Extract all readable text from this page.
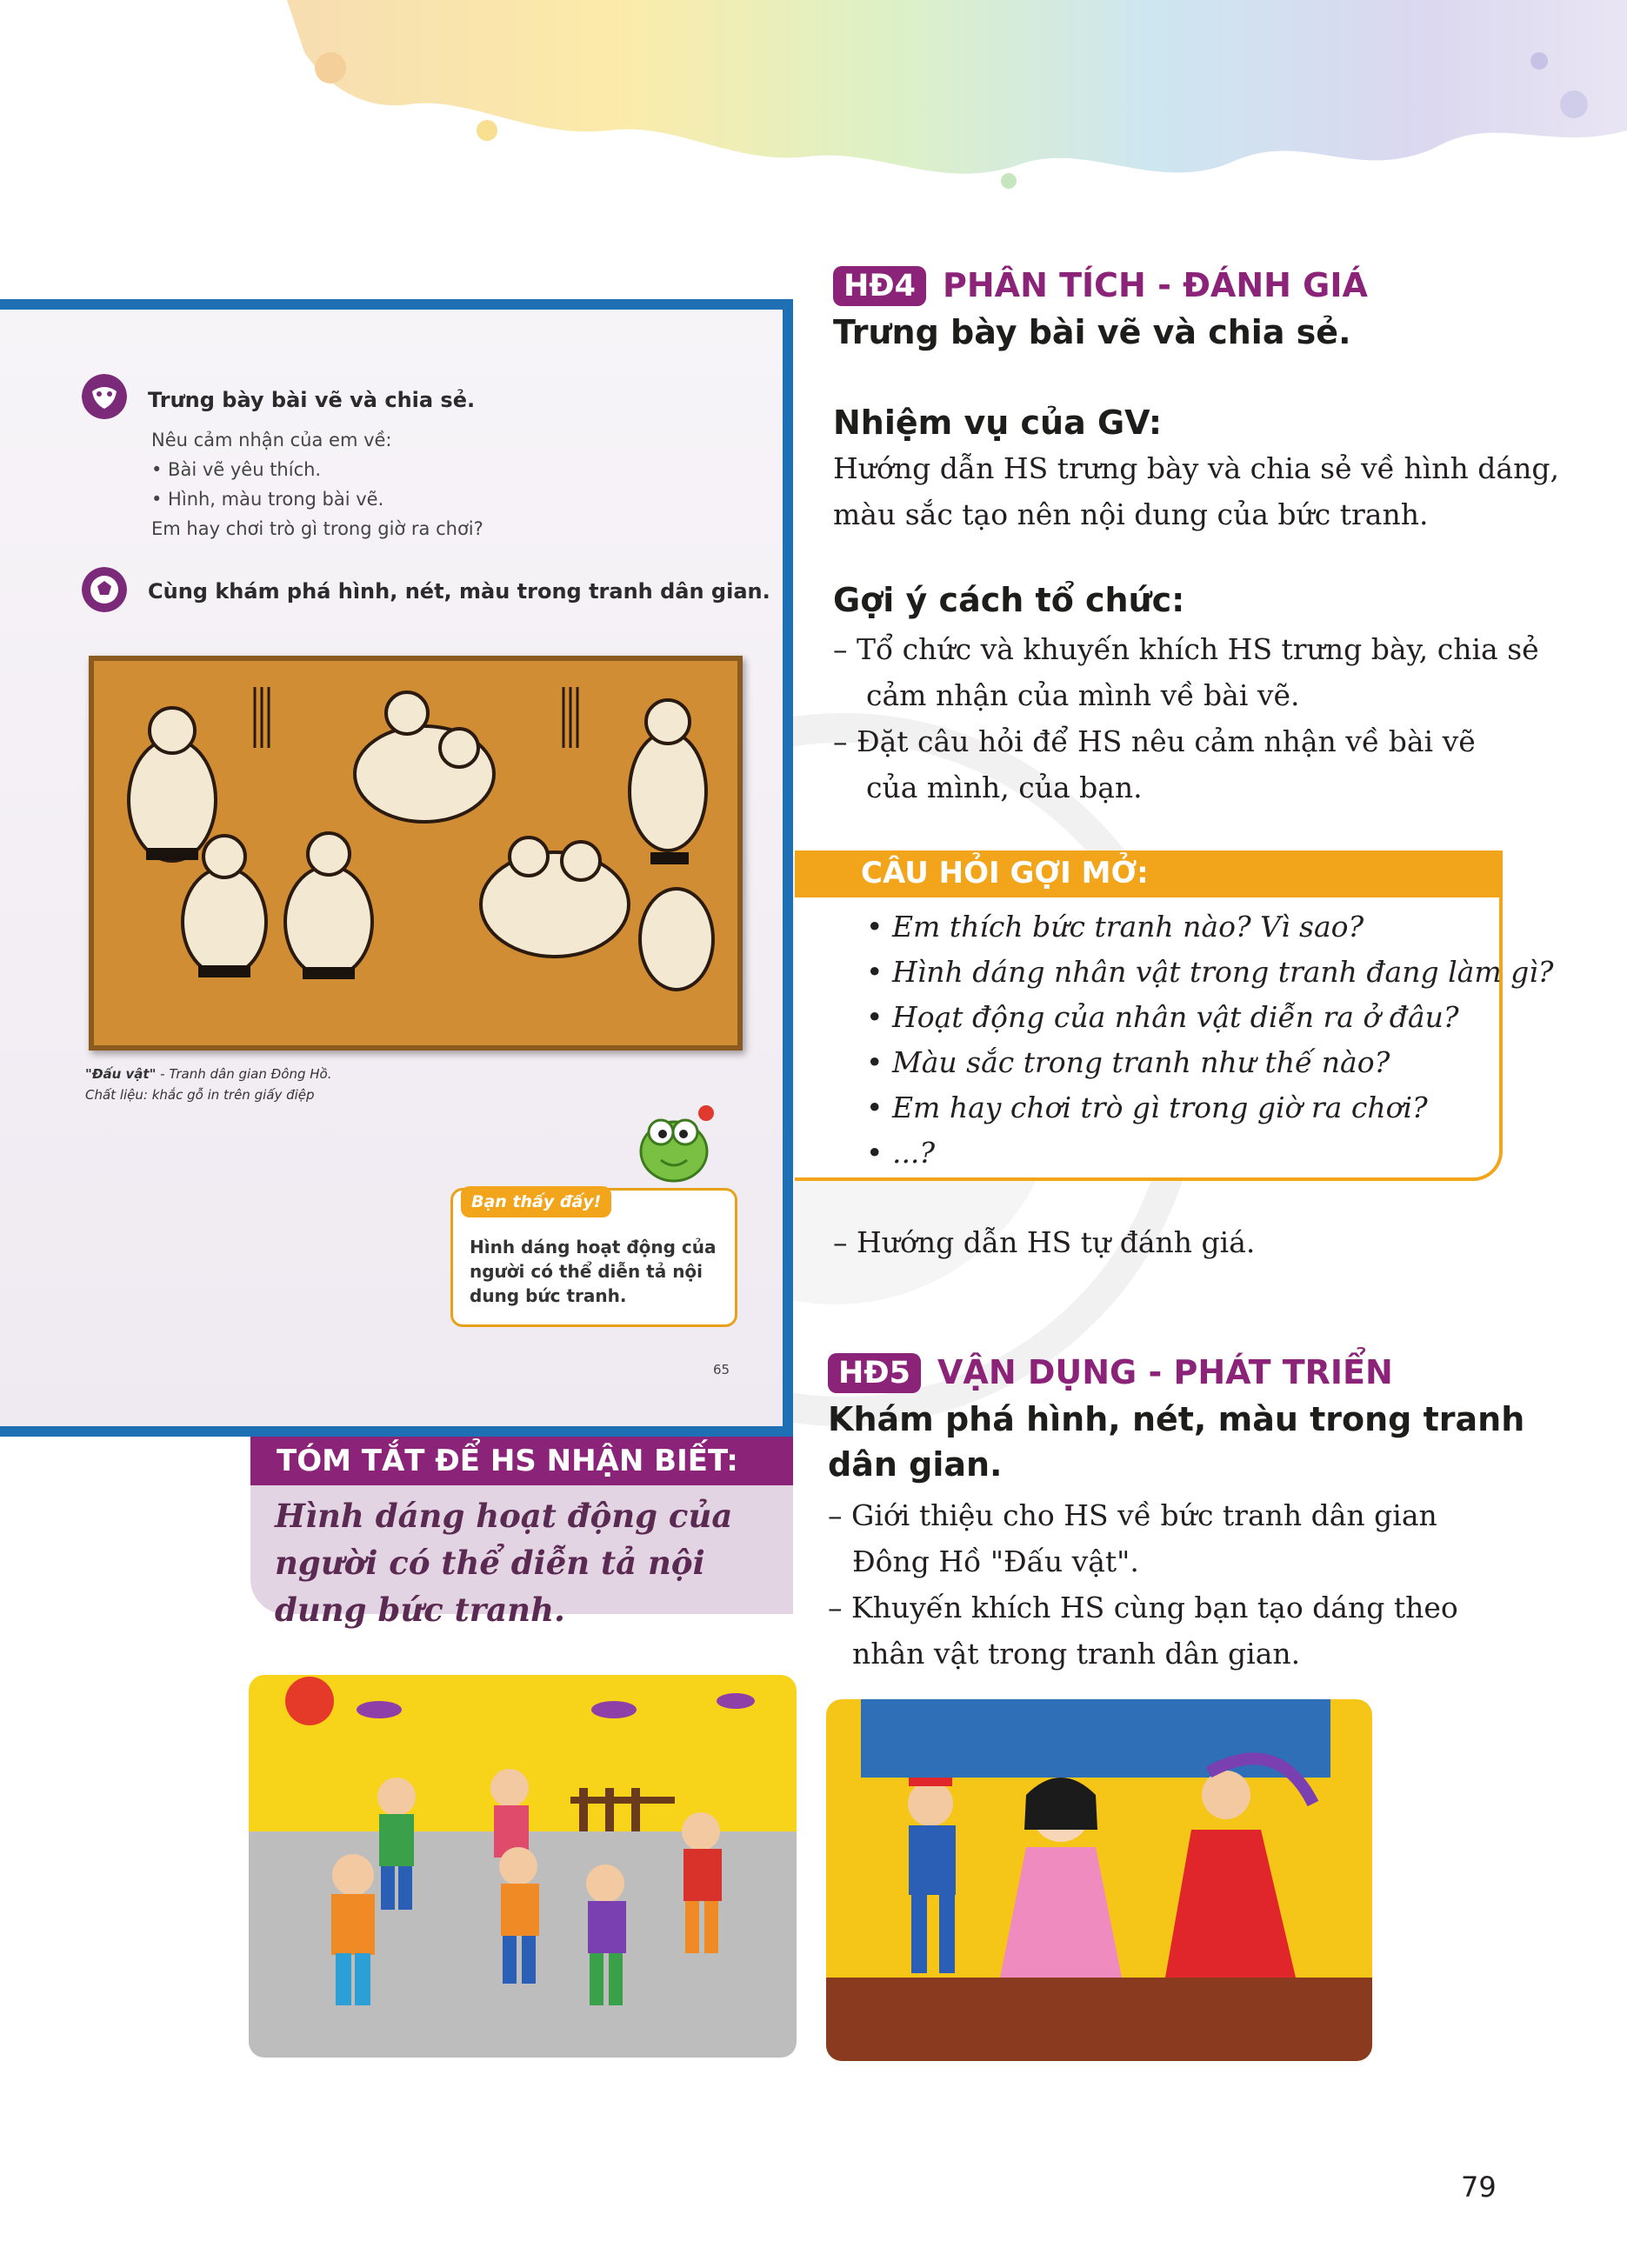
Trưng bày bài vẽ và chia sẻ.
Nêu cảm nhận của em về:
• Bài vẽ yêu thích.
• Hình, màu trong bài vẽ.
Em hay chơi trò gì trong giờ ra chơi?
Cùng khám phá hình, nét, màu trong tranh dân gian.
"Đấu vật" - Tranh dân gian Đông Hồ.
Chất liệu: khắc gỗ in trên giấy điệp
Bạn thấy đấy!
Hình dáng hoạt động của người có thể diễn tả nội dung bức tranh.
65
TÓM TẮT ĐỂ HS NHẬN BIẾT:
Hình dáng hoạt động của người có thể diễn tả nội dung bức tranh.
HĐ4 PHÂN TÍCH - ĐÁNH GIÁ
Trưng bày bài vẽ và chia sẻ.
Nhiệm vụ của GV:
Hướng dẫn HS trưng bày và chia sẻ về hình dáng,
màu sắc tạo nên nội dung của bức tranh.
Gợi ý cách tổ chức:
– Tổ chức và khuyến khích HS trưng bày, chia sẻ
cảm nhận của mình về bài vẽ.
– Đặt câu hỏi để HS nêu cảm nhận về bài vẽ
của mình, của bạn.
CÂU HỎI GỢI MỞ:
• Em thích bức tranh nào? Vì sao?
• Hình dáng nhân vật trong tranh đang làm gì?
• Hoạt động của nhân vật diễn ra ở đâu?
• Màu sắc trong tranh như thế nào?
• Em hay chơi trò gì trong giờ ra chơi?
• ...?
– Hướng dẫn HS tự đánh giá.
HĐ5 VẬN DỤNG - PHÁT TRIỂN
Khám phá hình, nét, màu trong tranh
dân gian.
– Giới thiệu cho HS về bức tranh dân gian
Đông Hồ "Đấu vật".
– Khuyến khích HS cùng bạn tạo dáng theo
nhân vật trong tranh dân gian.
79
